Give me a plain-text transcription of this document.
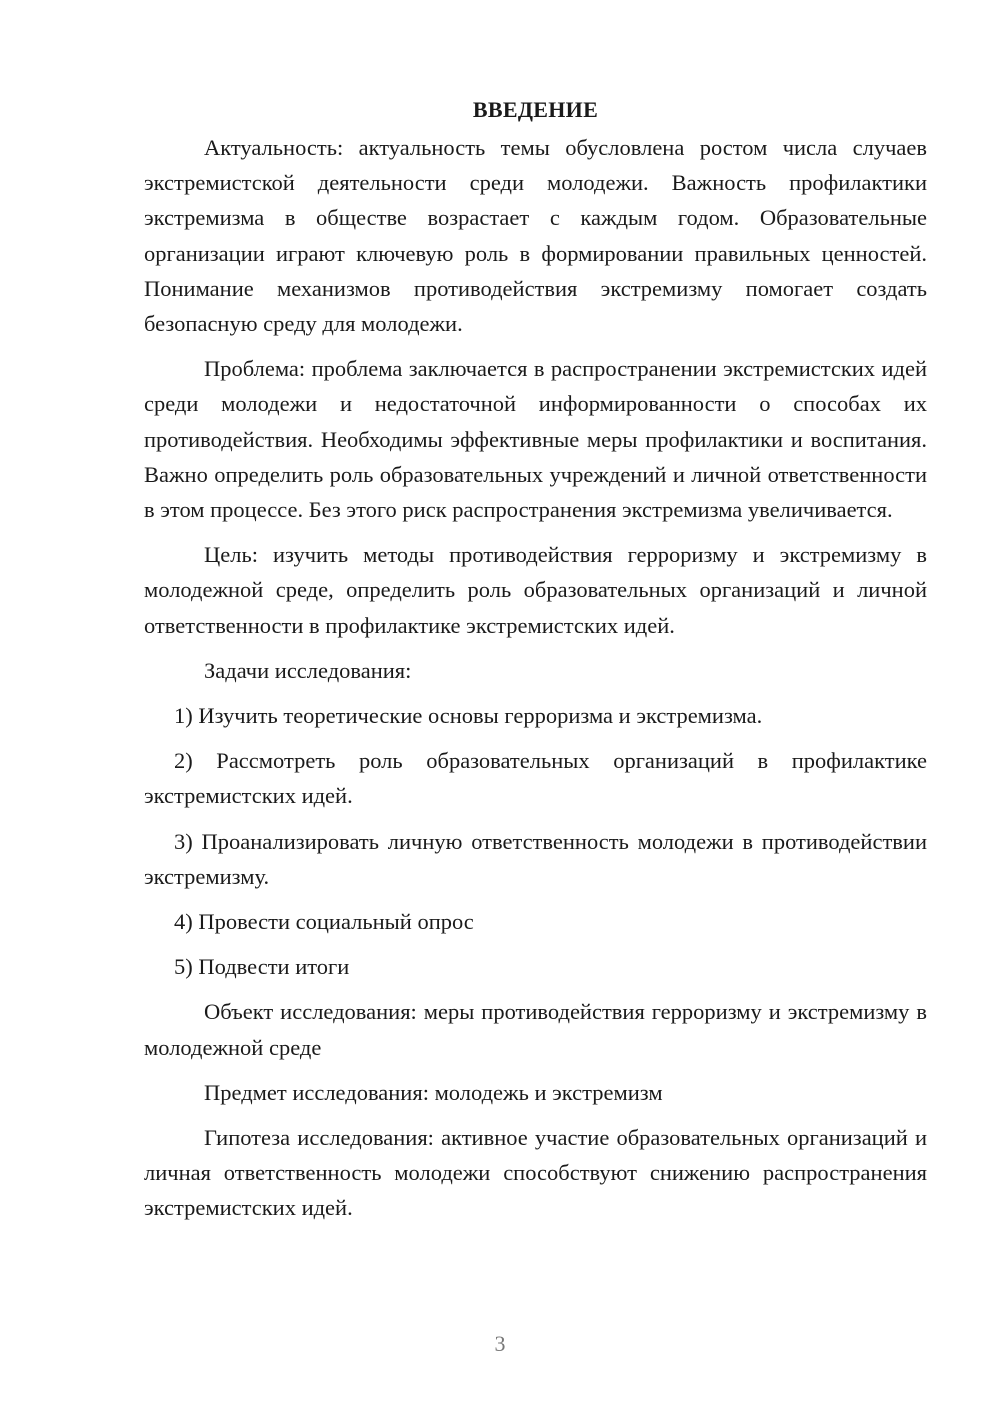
ВВЕДЕНИЕ

Актуальность: актуальность темы обусловлена ростом числа случаев экстремистской деятельности среди молодежи. Важность профилактики экстремизма в обществе возрастает с каждым годом. Образовательные организации играют ключевую роль в формировании правильных ценностей. Понимание механизмов противодействия экстремизму помогает создать безопасную среду для молодежи.

Проблема: проблема заключается в распространении экстремистских идей среди молодежи и недостаточной информированности о способах их противодействия. Необходимы эффективные меры профилактики и воспитания. Важно определить роль образовательных учреждений и личной ответственности в этом процессе. Без этого риск распространения экстремизма увеличивается.

Цель: изучить методы противодействия герроризму и экстремизму в молодежной среде, определить роль образовательных организаций и личной ответственности в профилактике экстремистских идей.

Задачи исследования:

1) Изучить теоретические основы герроризма и экстремизма.

2) Рассмотреть роль образовательных организаций в профилактике экстремистских идей.

3) Проанализировать личную ответственность молодежи в противодействии экстремизму.

4) Провести социальный опрос

5) Подвести итоги

Объект исследования: меры противодействия герроризму и экстремизму в молодежной среде

Предмет исследования: молодежь и экстремизм

Гипотеза исследования: активное участие образовательных организаций и личная ответственность молодежи способствуют снижению распространения экстремистских идей.

3
